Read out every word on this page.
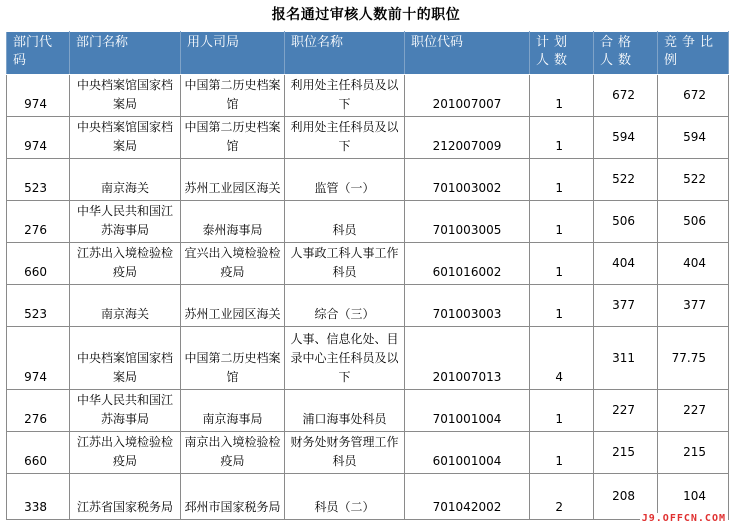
报名通过审核人数前十的职位
部门代码	部门名称	用人司局	职位名称	职位代码	计划人数	合格人数	竞争比例
974	中央档案馆国家档案局	中国第二历史档案馆	利用处主任科员及以下	201007007	1	672	672
974	中央档案馆国家档案局	中国第二历史档案馆	利用处主任科员及以下	212007009	1	594	594
523	南京海关	苏州工业园区海关	监管（一）	701003002	1	522	522
276	中华人民共和国江苏海事局	泰州海事局	科员	701003005	1	506	506
660	江苏出入境检验检疫局	宜兴出入境检验检疫局	人事政工科人事工作科员	601016002	1	404	404
523	南京海关	苏州工业园区海关	综合（三）	701003003	1	377	377
974	中央档案馆国家档案局	中国第二历史档案馆	人事、信息化处、目录中心主任科员及以下	201007013	4	311	77.75
276	中华人民共和国江苏海事局	南京海事局	浦口海事处科员	701001004	1	227	227
660	江苏出入境检验检疫局	南京出入境检验检疫局	财务处财务管理工作科员	601001004	1	215	215
338	江苏省国家税务局	邳州市国家税务局	科员（二）	701042002	2	208	104
J9.OFFCN.COM
